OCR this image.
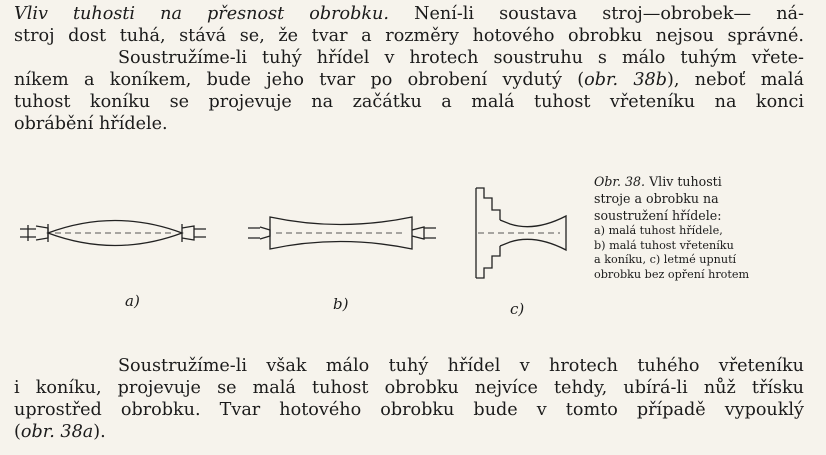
Vliv tuhosti na přesnost obrobku. Není-li soustava stroj—obrobek— ná-
stroj dost tuhá, stává se, že tvar a rozměry hotového obrobku nejsou správné.
Soustružíme-li tuhý hřídel v hrotech soustruhu s málo tuhým vřete-
níkem a koníkem, bude jeho tvar po obrobení vydutý (obr. 38b), neboť malá
tuhost koníku se projevuje na začátku a malá tuhost vřeteníku na konci
obrábění hřídele.
a)	b)	c)
Obr. 38. Vliv tuhosti
stroje a obrobku na
soustružení hřídele:
a) malá tuhost hřídele,
b) malá tuhost vřeteníku
a koníku, c) letmé upnutí
obrobku bez opření hrotem
Soustružíme-li však málo tuhý hřídel v hrotech tuhého vřeteníku
i koníku, projevuje se malá tuhost obrobku nejvíce tehdy, ubírá-li nůž třísku
uprostřed obrobku. Tvar hotového obrobku bude v tomto případě vypouklý
(obr. 38a).
